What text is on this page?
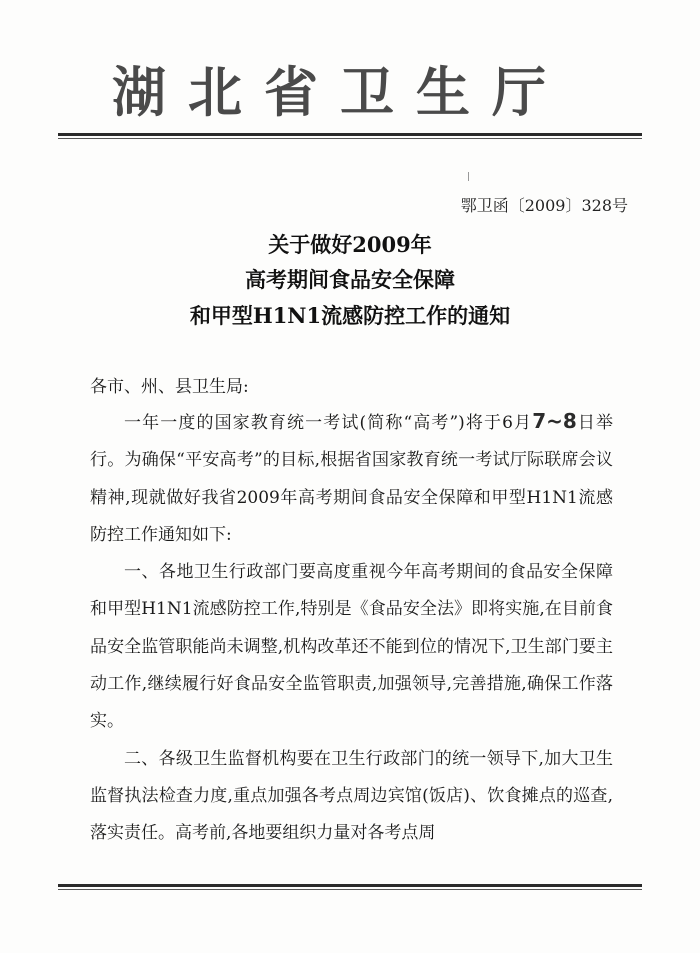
湖北省卫生厅
鄂卫函〔2009〕328号
关于做好2009年
高考期间食品安全保障
和甲型H1N1流感防控工作的通知
各市、州、县卫生局:

一年一度的国家教育统一考试(简称“高考”)将于6月7~8日举行。为确保“平安高考”的目标,根据省国家教育统一考试厅际联席会议精神,现就做好我省2009年高考期间食品安全保障和甲型H1N1流感防控工作通知如下:

一、各地卫生行政部门要高度重视今年高考期间的食品安全保障和甲型H1N1流感防控工作,特别是《食品安全法》即将实施,在目前食品安全监管职能尚未调整,机构改革还不能到位的情况下,卫生部门要主动工作,继续履行好食品安全监管职责,加强领导,完善措施,确保工作落实。

二、各级卫生监督机构要在卫生行政部门的统一领导下,加大卫生监督执法检查力度,重点加强各考点周边宾馆(饭店)、饮食摊点的巡查,落实责任。高考前,各地要组织力量对各考点周
